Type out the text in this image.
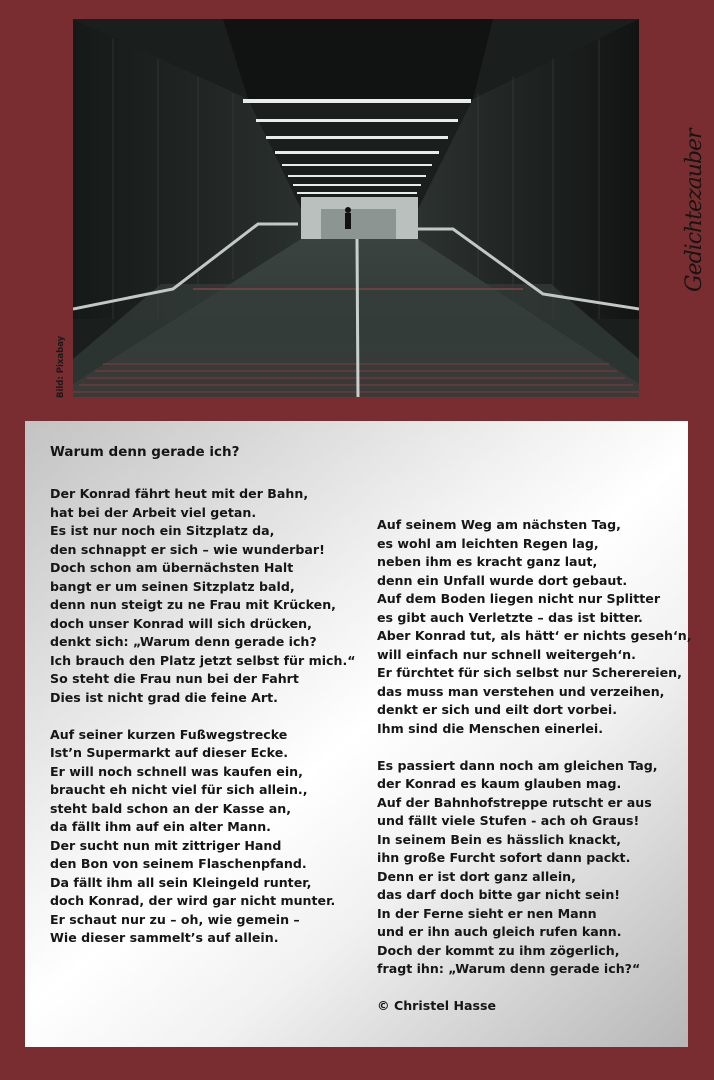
Bild: Pixabay
Gedichtezauber
Warum denn gerade ich?
Der Konrad fährt heut mit der Bahn,
hat bei der Arbeit viel getan.
Es ist nur noch ein Sitzplatz da,
den schnappt er sich – wie wunderbar!
Doch schon am übernächsten Halt
bangt er um seinen Sitzplatz bald,
denn nun steigt zu ne Frau mit Krücken,
doch unser Konrad will sich drücken,
denkt sich: „Warum denn gerade ich?
Ich brauch den Platz jetzt selbst für mich.“
So steht die Frau nun bei der Fahrt
Dies ist nicht grad die feine Art.
Auf seiner kurzen Fußwegstrecke
Ist’n Supermarkt auf dieser Ecke.
Er will noch schnell was kaufen ein,
braucht eh nicht viel für sich allein.,
steht bald schon an der Kasse an,
da fällt ihm auf ein alter Mann.
Der sucht nun mit zittriger Hand
den Bon von seinem Flaschenpfand.
Da fällt ihm all sein Kleingeld runter,
doch Konrad, der wird gar nicht munter.
Er schaut nur zu – oh, wie gemein –
Wie dieser sammelt’s auf allein.
Auf seinem Weg am nächsten Tag,
es wohl am leichten Regen lag,
neben ihm es kracht ganz laut,
denn ein Unfall wurde dort gebaut.
Auf dem Boden liegen nicht nur Splitter
es gibt auch Verletzte – das ist bitter.
Aber Konrad tut, als hätt‘ er nichts geseh‘n,
will einfach nur schnell weitergeh‘n.
Er fürchtet für sich selbst nur Scherereien,
das muss man verstehen und verzeihen,
denkt er sich und eilt dort vorbei.
Ihm sind die Menschen einerlei.
Es passiert dann noch am gleichen Tag,
der Konrad es kaum glauben mag.
Auf der Bahnhofstreppe rutscht er aus
und fällt viele Stufen - ach oh Graus!
In seinem Bein es hässlich knackt,
ihn große Furcht sofort dann packt.
Denn er ist dort ganz allein,
das darf doch bitte gar nicht sein!
In der Ferne sieht er nen Mann
und er ihn auch gleich rufen kann.
Doch der kommt zu ihm zögerlich,
fragt ihn: „Warum denn gerade ich?“
© Christel Hasse
